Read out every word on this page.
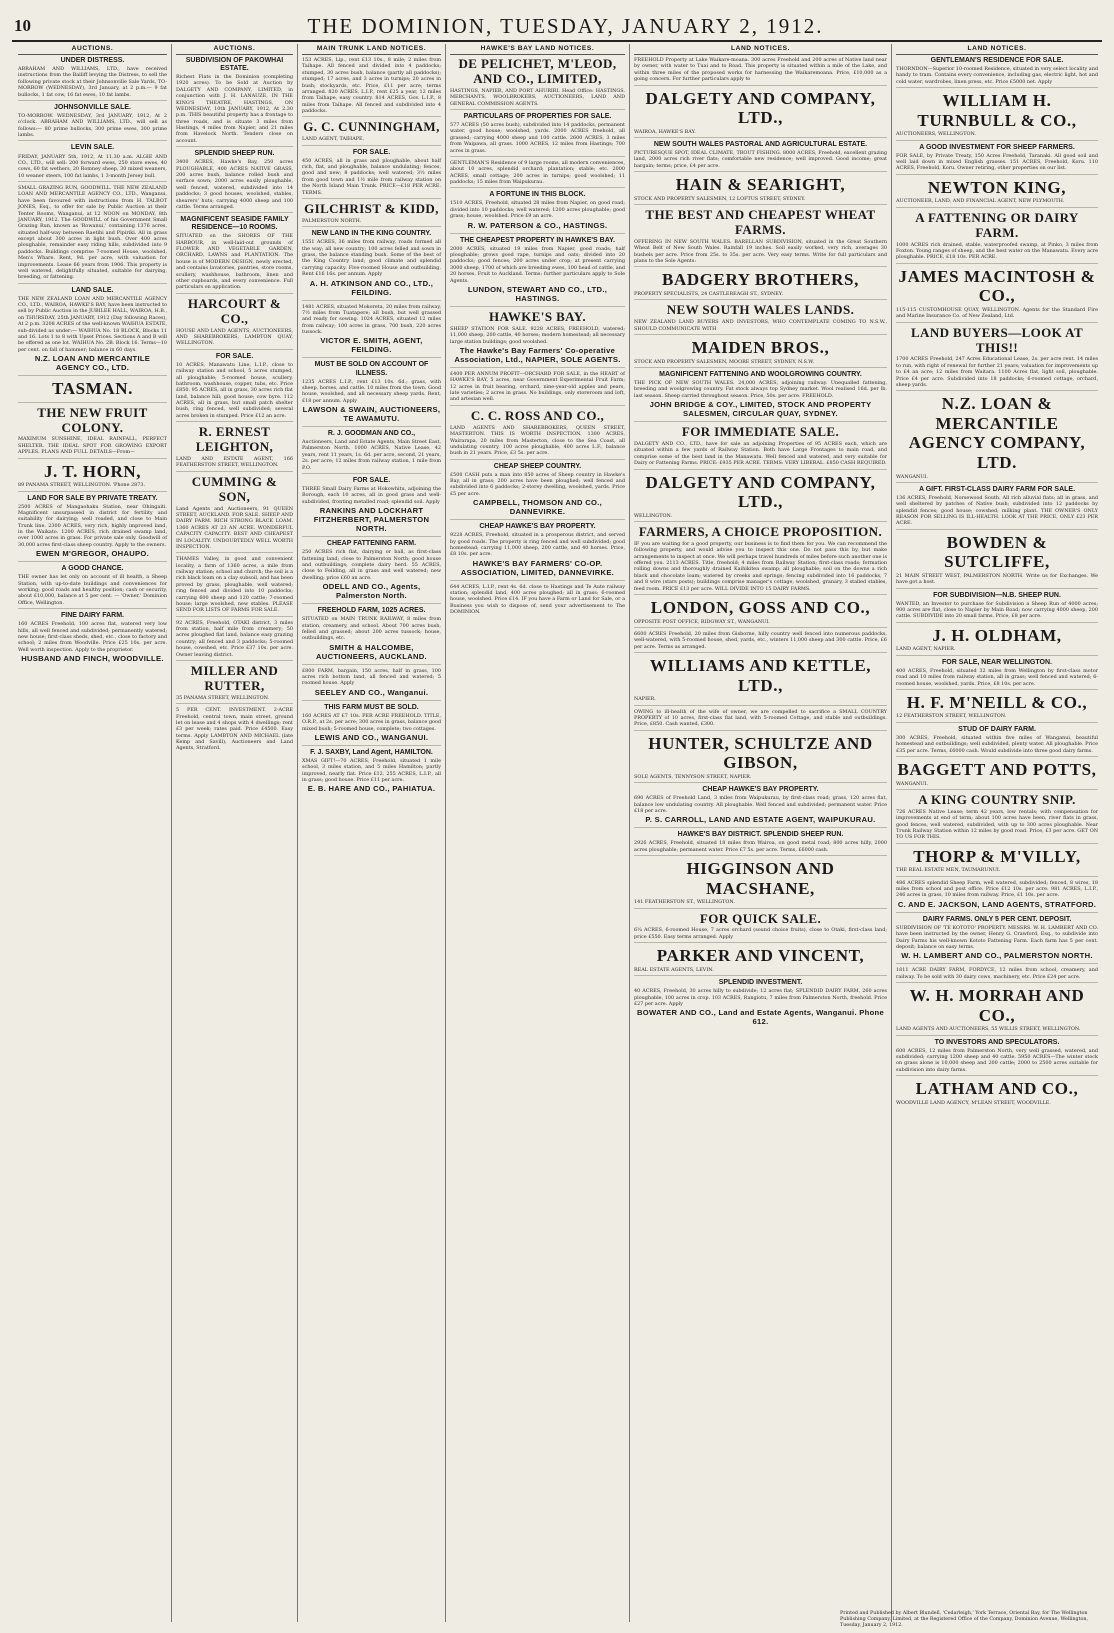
10	THE DOMINION, TUESDAY, JANUARY 2, 1912.
AUCTIONS.
UNDER DISTRESS.
ABRAHAM AND WILLIAMS, LTD., have received instructions from the Bailiff levying the Distress, to sell the following private stock at their Johnsonville Sale Yards, TO-MORROW (WEDNESDAY), 3rd January, at 2 p.m.— 9 fat bullocks, 1 fat cow, 16 fat ewes, 10 fat lambs.
JOHNSONVILLE SALE.
TO-MORROW. WEDNESDAY, 3rd JANUARY, 1912, At 2 o'clock. ABRAHAM AND WILLIAMS, LTD., will sell as follows:— 80 prime bullocks, 300 prime ewes, 300 prime lambs.
LEVIN SALE.
FRIDAY, JANUARY 5th, 1912, At 11.30 a.m. ALGIE AND CO., LTD., will sell: 200 forward ewes, 250 store ewes, 40 cows, 60 fat wethers, 20 Romney sheep, 30 mixed weaners, 10 weaner steers, 100 fat lambs, 1 3-month Jersey bull.
SMALL GRAZING RUN, GOODWILL. THE NEW ZEALAND LOAN AND MERCANTILE AGENCY CO., LTD., Wanganui, have been favoured with instructions from H. TALBOT JONES, Esq., to offer for sale by Public Auction at their Tenter Rooms, Wanganui, at 12 NOON on MONDAY, 8th JANUARY, 1912. The GOODWILL of his Government Small Grazing Run, known as 'Rowanui,' containing 1376 acres, situated half-way between Raetihi and Pipiriki. All in grass except about 300 acres in light bush. Over 400 acres ploughable, remainder easy riding hills, subdivided into 9 paddocks. Buildings comprise 7-roomed House, woolshed, Men's Whare. Rent, 9d. per acre, with valuation for improvements. Lease 66 years from 1906. This property is well watered, delightfully situated, suitable for dairying, breeding, or fattening.
LAND SALE.
THE NEW ZEALAND LOAN AND MERCANTILE AGENCY CO., LTD., WAIROA, HAWKE'S BAY, have been instructed to sell by Public Auction in the JUBILEE HALL, WAIROA, H.B., on THURSDAY, 25th JANUARY, 1912 (Day following Races), At 2 p.m. 3208 ACRES of the well-known WAIHUA ESTATE, sub-divided as under:— WAIHUA No. 18 BLOCK, Blocks 11 and 16. Lots 1 to 8 with Upset Prices. Sections A and B will be offered as one lot. WAIHUA No. 2B. Block 16. Terms—10 per cent. on fall of hammer; balance in 60 days.
N.Z. LOAN AND MERCANTILE AGENCY CO., LTD.
TASMAN.
THE NEW FRUIT COLONY.
MAXIMUM SUNSHINE, IDEAL RAINFALL, PERFECT SHELTER. THE IDEAL SPOT FOR GROWING EXPORT APPLES. PLANS AND FULL DETAILS—From—
J. T. HORN,
89 PANAMA STREET, WELLINGTON. 'Phone 2873.
LAND FOR SALE BY PRIVATE TREATY.
2500 ACRES of Mangaohaku Station, near Ohingaiti. Magnificent unsurpassed in district for fertility and suitability for dairying; well roaded, and close to Main Trunk line. 2300 ACRES, very rich, highly improved land, in the Waikato. 1200 ACRES, rich drained swamp land, over 1000 acres in grass. For private sale only. Goodwill of 30,000 acres first-class sheep country. Apply to the owners.
EWEN M'GREGOR, OHAUPO.
A GOOD CHANCE.
THE owner has let only on account of ill health, a Sheep Station, with up-to-date buildings and conveniences for working; good roads and healthy position; cash or security, about £10,000, balance at 5 per cent. — 'Owner,' Dominion Office, Wellington.
FINE DAIRY FARM.
160 ACRES Freehold, 100 acres flat, watered very low hills, all well fenced and subdivided; permanently watered; new house; first-class sheds, shed, etc., close to factory and school; 2 miles from Woodville. Price £25 10s. per acre. Well worth inspection. Apply to the proprietor.
HUSBAND AND FINCH, WOODVILLE.
AUCTIONS.
SUBDIVISION OF PAKOWHAI ESTATE.
Richest Flats in the Dominion (completing 1920 acres). To be Sold at Auction by DALGETY AND COMPANY, LIMITED, in conjunction with J. H. LANAUZE, IN THE KING'S THEATRE, HASTINGS, ON WEDNESDAY, 10th JANUARY, 1912, At 2.30 p.m. THIS beautiful property has a frontage to three roads, and is situate 3 miles from Hastings, 4 miles from Napier, and 21 miles from Havelock North. Tenders close on account.
SPLENDID SHEEP RUN.
3400 ACRES, Hawke's Bay, 250 acres PLOUGHABLE, 400 ACRES NATIVE GRASS, 200 acres bush, balance rolled bush and surface sown; 2000 acres easily ploughable, well fenced, watered, subdivided into 14 paddocks; 3 good houses, woolshed, stables, shearers' huts; carrying 4000 sheep and 100 cattle. Terms arranged.
MAGNIFICENT SEASIDE FAMILY RESIDENCE—10 ROOMS.
SITUATED on the SHORES OF THE HARBOUR, in well-laid-out grounds of FLOWER AND VEGETABLE GARDEN, ORCHARD, LAWNS and PLANTATION. The house is of MODERN DESIGN, newly erected, and contains lavatories, pantries, store rooms, scullery, washhouse, bathroom, linen and other cupboards, and every convenience. Full particulars on application.
HARCOURT & CO.,
HOUSE AND LAND AGENTS, AUCTIONEERS, AND SHAREBROKERS, LAMBTON QUAY, WELLINGTON.
FOR SALE.
10 ACRES, Manawatu Line, L.I.P., close to railway station and school, 5 acres stumped, all ploughable; 5-roomed house, scullery, bathroom, washhouse, copper, tubs, etc. Price £850. 95 ACRES, all in grass, 30 acres rich flat land, balance hill; good house; cow byre. 112 ACRES, all in grass, but small patch shelter bush, ring fenced, well subdivided; several acres broken in stumped. Price £12 an acre.
R. ERNEST LEIGHTON,
LAND AND ESTATE AGENT, 166 FEATHERSTON STREET, WELLINGTON.
CUMMING & SON,
Land Agents and Auctioneers, 91 QUEEN STREET, AUCKLAND. FOR SALE. SHEEP AND DAIRY FARM. RICH STRONG BLACK LOAM. 1360 ACRES AT 23 AN ACRE. WONDERFUL CAPACITY CAPACITY. BEST AND CHEAPEST IN LOCALITY. UNDOUBTEDLY WELL WORTH INSPECTION.
THAMES Valley, in good and convenient locality, a farm of 1360 acres, a mile from railway station; school and church; the soil is a rich black loam on a clay subsoil, and has been proved by grass, ploughable, well watered; ring fenced and divided into 10 paddocks; carrying 600 sheep and 120 cattle; 7-roomed house; large woolshed, new stables. PLEASE SEND FOR LISTS OF FARMS FOR SALE.
92 ACRES, Freehold, OTAKI district, 3 miles from station, half mile from creamery; 50 acres ploughed flat land, balance easy grazing country; all fenced and 3 paddocks; 5-roomed house, cowshed, etc. Price £37 10s. per acre. Owner leaving district.
MILLER AND RUTTER,
35 PANAMA STREET, WELLINGTON.
5 PER CENT. INVESTMENT. 2-ACRE Freehold, central town, main street, ground let on lease and 4 shops with 4 dwellings; rent £3 per week; rates paid. Price £4500. Easy terms. Apply LAMBTON AND MICHAEL (late Kemp and Savill), Auctioneers and Land Agents, Stratford.
MAIN TRUNK LAND NOTICES.
153 ACRES, Lip., rent £13 10s., 8 mile; 2 miles from Taihape. All fenced and divided into 4 paddocks; stumped, 30 acres bush, balance (partly all paddocks); stumped; 17 acres, and 3 acres in turnips; 20 acres in bush; stockyards, etc. Price, £11 per acre; terms arranged. 820 ACRES, L.I.P., rent £25 a year, 12 miles from Taihape, easy country. 814 ACRES, Gov. L.I.P., 8 miles from Taihape. All fenced and subdivided into 4 paddocks.
G. C. CUNNINGHAM,
LAND AGENT, TAIHAPE.
FOR SALE.
450 ACRES, all in grass and ploughable, about half rich, flat, and ploughable, balance undulating; fences, good and new; 8 paddocks; well watered; 3½ miles from good town and 1½ mile from railway station on the North Island Main Trunk. PRICE—£18 PER ACRE. TERMS.
GILCHRIST & KIDD,
PALMERSTON NORTH.
NEW LAND IN THE KING COUNTRY.
1551 ACRES, 36 miles from railway, roads formed all the way; all new country; 100 acres felled and sown in grass, the balance standing bush. Some of the best of the King Country land; good climate and splendid carrying capacity. Five-roomed House and outbuilding. Rent £16 16s. per annum. Apply
A. H. ATKINSON AND CO., LTD., FEILDING.
1481 ACRES, situated Mokoreta, 20 miles from railway, 7½ miles from Tuatapere; all bush, but well grassed and ready for sowing. 1024 ACRES, situated 12 miles from railway; 100 acres in grass, 700 bush, 220 acres tussock.
VICTOR E. SMITH, AGENT, FEILDING.
MUST BE SOLD ON ACCOUNT OF ILLNESS.
1235 ACRES L.I.P., rent £13 10s. 6d.; grass, with sheep, horses, and cattle. 10 miles from the town. Good house, woolshed, and all necessary sheep yards. Rent, £18 per annum. Apply
LAWSON & SWAIN, AUCTIONEERS, TE AWAMUTU.
R. J. GOODMAN AND CO.,
Auctioneers, Land and Estate Agents, Main Street East, Palmerston North. 1000 ACRES, Native Lease, 42 years, rent 11 years, 1s. 6d. per acre, second, 21 years, 2s. per acre; 12 miles from railway station, 1 mile from P.O.
FOR SALE.
THREE Small Dairy Farms at Hokowhitu, adjoining the Borough, each 10 acres, all in good grass and well-subdivided, fronting metalled road; splendid soil. Apply
RANKINS AND LOCKHART FITZHERBERT, PALMERSTON NORTH.
CHEAP FATTENING FARM.
250 ACRES rich flat, dairying or ball, as first-class fattening land; close to Palmerston North; good house and outbuildings; complete dairy herd. 55 ACRES, close to Feilding, all in grass and well watered; new dwelling; price £60 an acre.
ODELL AND CO., Agents, Palmerston North.
FREEHOLD FARM, 1025 ACRES.
SITUATED on MAIN TRUNK RAILWAY, 8 miles from station, creamery, and school. About 700 acres bush, felled and grassed; about 200 acres tussock; house, outbuildings, etc.
SMITH & HALCOMBE, AUCTIONEERS, AUCKLAND.
£800 FARM, bargain, 150 acres, half in grass, 100 acres rich bottom land, all fenced and watered; 5 roomed house. Apply
SEELEY AND CO., Wanganui.
THIS FARM MUST BE SOLD.
160 ACRES AT £7 10s. PER ACRE FREEHOLD. TITLE, O.R.P., at 2s. per acre; 300 acres in grass, balance good mixed bush; 5-roomed house, complete; two cottages.
LEWIS AND CO., WANGANUI.
F. J. SAXBY, Land Agent, HAMILTON.
XMAS GIFT!—70 ACRES, Freehold, situated 1 mile school, 3 miles station, and 5 miles Hamilton; partly improved, nearly flat. Price £12. 255 ACRES, L.I.P., all in grass; good house. Price £11 per acre.
E. B. HARE AND CO., PAHIATUA.
HAWKE'S BAY LAND NOTICES.
DE PELICHET, M'LEOD, AND CO., LIMITED,
HASTINGS, NAPIER, AND PORT AHURIRI. Head Office: HASTINGS. MERCHANTS, WOOLBROKERS, AUCTIONEERS, LAND AND GENERAL COMMISSION AGENTS.
PARTICULARS OF PROPERTIES FOR SALE.
577 ACRES (50 acres bush), subdivided into 14 paddocks, permanent water, good house; woolshed, yards. 2000 ACRES freehold, all grassed; carrying 4000 sheep and 100 cattle. 2600 ACRES, 3 miles from Waipawa, all grass. 1000 ACRES, 12 miles from Hastings; 700 acres in grass.
GENTLEMAN'S Residence of 9 large rooms, all modern conveniences, about 10 acres, splendid orchard; plantation; stable; etc. 2000 ACRES, small cottage; 200 acres in turnips; good woolshed; 11 paddocks; 15 miles from Waipukurau.
A FORTUNE IN THIS BLOCK.
1510 ACRES, Freehold, situated 28 miles from Napier, on good road; divided into 10 paddocks; well watered; 1200 acres ploughable; good grass; house, woolshed. Price £9 an acre.
R. W. PATERSON & CO., HASTINGS.
THE CHEAPEST PROPERTY IN HAWKE'S BAY.
2000 ACRES, situated 19 miles from Napier, good roads; half ploughable; grows good rape, turnips and oats; divided into 20 paddocks; good fences; 200 acres under crop; at present carrying 3000 sheep, 1700 of which are breeding ewes, 100 head of cattle, and 20 horses. Fruit to Auckland. Terms: further particulars apply to Sole Agents.
LUNDON, STEWART AND CO., LTD., HASTINGS.
HAWKE'S BAY.
SHEEP STATION FOR SALE. 9228 ACRES, FREEHOLD, watered; 11,000 sheep, 200 cattle, 40 horses; modern homestead; all necessary large station buildings; good woolshed.
The Hawke's Bay Farmers' Co-operative Association, Ltd., NAPIER, SOLE AGENTS.
£400 PER ANNUM PROFIT—ORCHARD FOR SALE, in the HEART of HAWKE'S BAY, 5 acres, near Government Experimental Fruit Farm; 12 acres in fruit bearing, orchard, nine-year-old apples and pears, late varieties; 2 acres in grass. No buildings, only storeroom and loft, and artesian well.
C. C. ROSS AND CO.,
LAND AGENTS AND SHAREBROKERS, QUEEN STREET, MASTERTON. THIS IS WORTH INSPECTION. 1300 ACRES, Wairarapa, 20 miles from Masterton, close to the Sea Coast, all undulating country, 100 acres ploughable, 400 acres L.F., balance bush in 21 years. Price, £3 5s. per acre.
CHEAP SHEEP COUNTRY.
£500 CASH puts a man into 850 acres of Sheep country in Hawke's Bay, all in grass; 200 acres have been ploughed; well fenced and subdivided into 6 paddocks; 2-storey dwelling, woolshed, yards. Price £5 per acre.
CAMPBELL, THOMSON AND CO., DANNEVIRKE.
CHEAP HAWKE'S BAY PROPERTY.
9228 ACRES, Freehold, situated in a prosperous district, and served by good roads. The property is ring fenced and well subdivided; good homestead; carrying 11,000 sheep, 200 cattle, and 40 horses. Price, £8 10s. per acre.
HAWKE'S BAY FARMERS' CO-OP. ASSOCIATION, LIMITED, DANNEVIRKE.
644 ACRES, L.I.P., rent 4s. 6d. close to Hastings and Te Aute railway station; splendid land, 400 acres ploughed; all in grass; 6-roomed house, woolshed. Price £14. IF you have a Farm or Land for Sale, or a Business you wish to dispose of, send your advertisement to The DOMINION.
LAND NOTICES.
FREEHOLD Property at Lake Waikare-moana. 300 acres Freehold and 200 acres of Native land near by owner, with water to Tuai and to Road. This property is situated within a mile of the Lake, and within three miles of the proposed works for harnessing the Waikaremoana. Price, £10,000 as a going concern. For further particulars apply to
DALGETY AND COMPANY, LTD.,
WAIROA, HAWKE'S BAY.
NEW SOUTH WALES PASTORAL AND AGRICULTURAL ESTATE.
PICTURESQUE SPOT, IDEAL CLIMATE, TROUT FISHING. 8000 ACRES, Freehold, excellent grazing land, 2000 acres rich river flats; comfortable new residence; well improved. Good income; great bargain; terms; price, £4 per acre.
HAIN & SEARIGHT,
STOCK AND PROPERTY SALESMEN, 12 LOFTUS STREET, SYDNEY.
THE BEST AND CHEAPEST WHEAT FARMS.
OFFERING IN NEW SOUTH WALES. BARELLAN SUBDIVISION, situated in the Great Southern Wheat Belt of New South Wales. Rainfall 19 inches. Soil easily worked, very rich, averages 30 bushels per acre. Price from 25s. to 35s. per acre. Very easy terms. Write for full particulars and plans to the Sole Agents:
BADGERY BROTHERS,
PROPERTY SPECIALISTS, 24 CASTLEREAGH ST., SYDNEY.
NEW SOUTH WALES LANDS.
NEW ZEALAND LAND BUYERS AND INVESTORS, WHO CONTEMPLATE COMING TO N.S.W., SHOULD COMMUNICATE WITH
MAIDEN BROS.,
STOCK AND PROPERTY SALESMEN, MOORE STREET, SYDNEY, N.S.W.
MAGNIFICENT FATTENING AND WOOLGROWING COUNTRY.
THE PICK OF NEW SOUTH WALES. 24,000 ACRES, adjoining railway. Unequalled fattening, breeding and woolgrowing country. Fat stock always top Sydney market. Wool realised 16d. per lb. last season. Sheep carried throughout season. Price, 50s. per acre. FREEHOLD.
JOHN BRIDGE & COY., LIMITED, STOCK AND PROPERTY SALESMEN, CIRCULAR QUAY, SYDNEY.
FOR IMMEDIATE SALE.
DALGETY AND CO., LTD., have for sale an adjoining Properties of 95 ACRES each, which are situated within a few yards of Railway Station. Both have Large Frontages to main road, and comprise some of the best land in the Manawatu. Well fenced and watered, and very suitable for Dairy or Fattening Farms. PRICE: £935 PER ACRE. TERMS: VERY LIBERAL. £850 CASH REQUIRED.
DALGETY AND COMPANY, LTD.,
WELLINGTON.
FARMERS, A CHOICE PROPOSITION.
IF you are waiting for a good property, our business is to find them for you. We can recommend the following property, and would advise you to inspect this one. Do not pass this by, but make arrangements to inspect at once. We will perhaps travel hundreds of miles before such another one is offered you. 2113 ACRES. Title, freehold; 4 miles from Railway Station; first-class roads; formation rolling downs and thoroughly drained Kaihikitea swamp; all ploughable; soil on the downs a rich black and chocolate loam; watered by creeks and springs; fencing subdivided into 16 paddocks, 7 and 8 wire (stars posts); buildings comprise manager's cottage, woolshed, granary, 3 stalled stables, feed room. PRICE £13 per acre. WILL DIVIDE INTO 15 DAIRY FARMS.
LONDON, GOSS AND CO.,
OPPOSITE POST OFFICE, RIDGWAY ST., WANGANUI.
6600 ACRES Freehold, 20 miles from Gisborne, hilly country well fenced into numerous paddocks, well-watered, with 5-roomed house, shed, yards, etc., winters 11,000 sheep and 300 cattle. Price, £6 per acre. Terms as arranged.
WILLIAMS AND KETTLE, LTD.,
NAPIER.
OWING to ill-health of the wife of owner, we are compelled to sacrifice a SMALL COUNTRY PROPERTY of 10 acres, first-class flat land, with 5-roomed Cottage, and stable and outbuildings. Price, £850. Cash wanted, £300.
HUNTER, SCHULTZE AND GIBSON,
SOLE AGENTS, TENNYSON STREET, NAPIER.
CHEAP HAWKE'S BAY PROPERTY.
690 ACRES of Freehold Land, 3 miles from Waipukurau, by first-class road; grass, 120 acres flat, balance low undulating country. All ploughable. Well fenced and subdivided; permanent water. Price £18 per acre.
P. S. CARROLL, LAND AND ESTATE AGENT, WAIPUKURAU.
HAWKE'S BAY DISTRICT. SPLENDID SHEEP RUN.
2926 ACRES, Freehold, situated 18 miles from Wairoa, on good metal road; 800 acres hilly, 2000 acres ploughable; permanent water. Price £7 5s. per acre. Terms, £6000 cash.
HIGGINSON AND MACSHANE,
141 FEATHERSTON ST., WELLINGTON.
FOR QUICK SALE.
6¼ ACRES, 6-roomed House, 7 acres orchard (sound choice fruits), close to Otaki, first-class land; price £550. Easy terms arranged. Apply
PARKER AND VINCENT,
REAL ESTATE AGENTS, LEVIN.
SPLENDID INVESTMENT.
40 ACRES, Freehold, 30 acres hilly to subdivide; 12 acres flat; SPLENDID DAIRY FARM, 260 acres ploughable, 100 acres in crop. 103 ACRES, Rangiotu, 7 miles from Palmerston North, freehold. Price £27 per acre. Apply
BOWATER AND CO., Land and Estate Agents, Wanganui. Phone 612.
LAND NOTICES.
GENTLEMAN'S RESIDENCE FOR SALE.
THORNDON—Superior 10-roomed Residence, situated in very select locality and handy to tram. Contains every convenience, including gas, electric light, hot and cold water, wardrobes, linen press, etc. Price £5000 net. Apply
WILLIAM H. TURNBULL & CO.,
AUCTIONEERS, WELLINGTON.
A GOOD INVESTMENT FOR SHEEP FARMERS.
FOR SALE, by Private Treaty, 150 Acres Freehold, Taranaki. All good soil and well laid down in mixed English grasses. 151 ACRES, Freehold, Koru. 110 ACRES, Freehold, Koru. Owner retiring, other properties on our list.
NEWTON KING,
AUCTIONEER, LAND, AND FINANCIAL AGENT, NEW PLYMOUTH.
A FATTENING OR DAIRY FARM.
1000 ACRES rich drained, stable, waterproofed swamp, at Pinko, 3 miles from Foxton. Young ranges of sheep, and the best water on the Manawatu. Every acre ploughable. PRICE, £18 10s. PER ACRE.
JAMES MACINTOSH & CO.,
115-115 CUSTOMHOUSE QUAY, WELLINGTON. Agents for the Standard Fire and Marine Insurance Co. of New Zealand, Ltd.
LAND BUYERS—LOOK AT THIS!!
1700 ACRES Freehold, 247 Acres Educational Lease, 2s. per acre rent. 14 miles to run, with right of renewal for further 21 years; valuation for improvements up to £4 an acre; 12 miles from Waitara. 1100 Acres flat, light soil, ploughable. Price £4 per acre. Subdivided into 18 paddocks; 6-roomed cottage, orchard, sheep yards.
N.Z. LOAN & MERCANTILE AGENCY COMPANY, LTD.
WANGANUI.
A GIFT. FIRST-CLASS DAIRY FARM FOR SALE.
136 ACRES, Freehold, Norsewood South. All rich alluvial flats; all in grass, and well sheltered by patches of Native bush; subdivided into 12 paddocks by splendid fences; good house; cowshed; milking plant. THE OWNER'S ONLY REASON FOR SELLING IS ILL-HEALTH. LOOK AT THE PRICE, ONLY £23 PER ACRE.
BOWDEN & SUTCLIFFE,
21 MAIN STREET WEST, PALMERSTON NORTH. Write us for Exchanges. We have got a host.
FOR SUBDIVISION—N.B. SHEEP RUN.
WANTED, an Investor to purchase for Subdivision a Sheep Run of 4000 acres; 900 acres are flat, close to Napier by Main Road; now carrying 4000 sheep, 200 cattle. SUBDIVIDE into 20 small farms. Price, £8 per acre.
J. H. OLDHAM,
LAND AGENT, NAPIER.
FOR SALE, NEAR WELLINGTON.
400 ACRES, Freehold, situated 32 miles from Wellington by first-class motor road and 10 miles from railway station, all in grass; well fenced and watered; 6-roomed house, woolshed, yards. Price, £8 10s. per acre.
H. F. M'NEILL & CO.,
12 FEATHERSTON STREET, WELLINGTON.
STUD OF DAIRY FARM.
300 ACRES, Freehold, situated within five miles of Wanganui, beautiful homestead and outbuildings; well subdivided, plenty water. All ploughable. Price £35 per acre. Terms, £6000 cash. Would subdivide into three good dairy farms.
BAGGETT AND POTTS,
WANGANUI.
A KING COUNTRY SNIP.
726 ACRES Native Lease; term 42 years, low rentals; with compensation for improvements at end of term; about 100 acres have been, river flats in grass, good fences, well watered, subdivided, with up to 300 acres ploughable. Near Trunk Railway Station within 12 miles by good road. Price, £3 per acre. GET ON TO US FOR THIS.
THORP & M'VILLY,
THE REAL ESTATE MEN, TAUMARUNUI.
486 ACRES splendid Sheep Farm, well watered, subdivided; fenced, 8 wires, 18 miles from school and post office. Price £12 10s. per acre. 981 ACRES, L.I.P., 246 acres in grass, 10 miles from railway. Price, £1 10s. per acre.
C. AND E. JACKSON, LAND AGENTS, STRATFORD.
DAIRY FARMS. ONLY 5 PER CENT. DEPOSIT.
SUBDIVISION OF 'TE KOTOTO' PROPERTY. MESSRS. W. H. LAMBERT AND CO. have been instructed by the owner, Henry G. Crawford, Esq., to subdivide into Dairy Farms his well-known Kototo Fattening Farm. Each farm has 5 per cent. deposit; balance on easy terms.
W. H. LAMBERT AND CO., PALMERSTON NORTH.
1811 ACRE DAIRY FARM, FORDYCE, 12 miles from school, creamery, and railway. To be sold with 30 dairy cows, machinery, etc. Price £24 per acre.
W. H. MORRAH AND CO.,
LAND AGENTS AND AUCTIONEERS, 55 WILLIS STREET, WELLINGTON.
TO INVESTORS AND SPECULATORS.
600 ACRES, 12 miles from Palmerston North, very well grassed, watered, and subdivided; carrying 1200 sheep and 40 cattle. 5950 ACRES—The winter stock on grass alone is 10,000 sheep and 200 cattle; 2000 to 2500 acres suitable for subdivision into dairy farms.
LATHAM AND CO.,
WOODVILLE LAND AGENCY, M'LEAN STREET, WOODVILLE.
Printed and Published by Albert Blundell, 'Cedarleigh,' York Terrace, Oriental Bay, for The Wellington Publishing Company, Limited, at the Registered Office of the Company, Dominion Avenue, Wellington, Tuesday, January 2, 1912.
